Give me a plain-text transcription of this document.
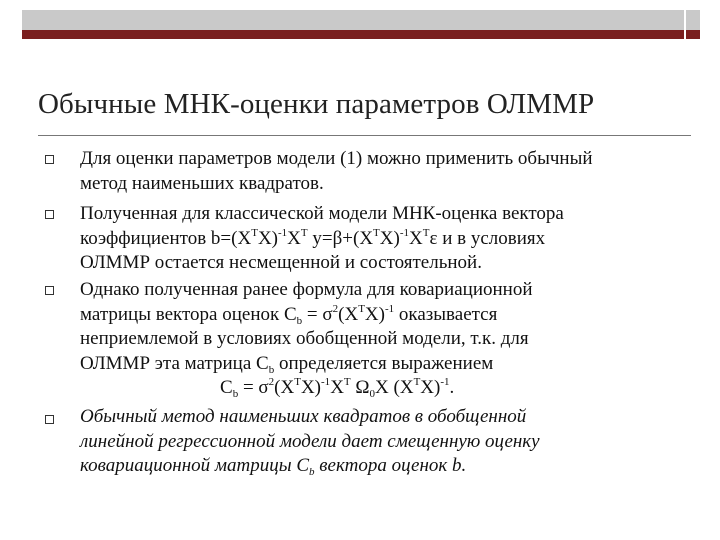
Обычные МНК-оценки параметров ОЛММР
Для оценки параметров модели (1) можно применить обычный
метод наименьших квадратов.
Полученная для классической модели МНК-оценка вектора
коэффициентов $b=(X^TX)^{-1}X^T$ $y=\beta+(X^TX)^{-1}X^T\varepsilon$ и в условиях
ОЛММР остается несмещенной и состоятельной.
Однако полученная ранее формула для ковариационной
матрицы вектора оценок $C_b = \sigma^2(X^TX)^{-1}$ оказывается
неприемлемой в условиях обобщенной модели, т.к. для
ОЛММР эта матрица $C_b$ определяется выражением
$C_b = \sigma^2(X^TX)^{-1}X^T$ $\Omega_0X$ $(X^TX)^{-1}$.
Обычный метод наименьших квадратов в обобщенной
линейной регрессионной модели дает смещенную оценку
ковариационной матрицы $C_b$ вектора оценок b.
